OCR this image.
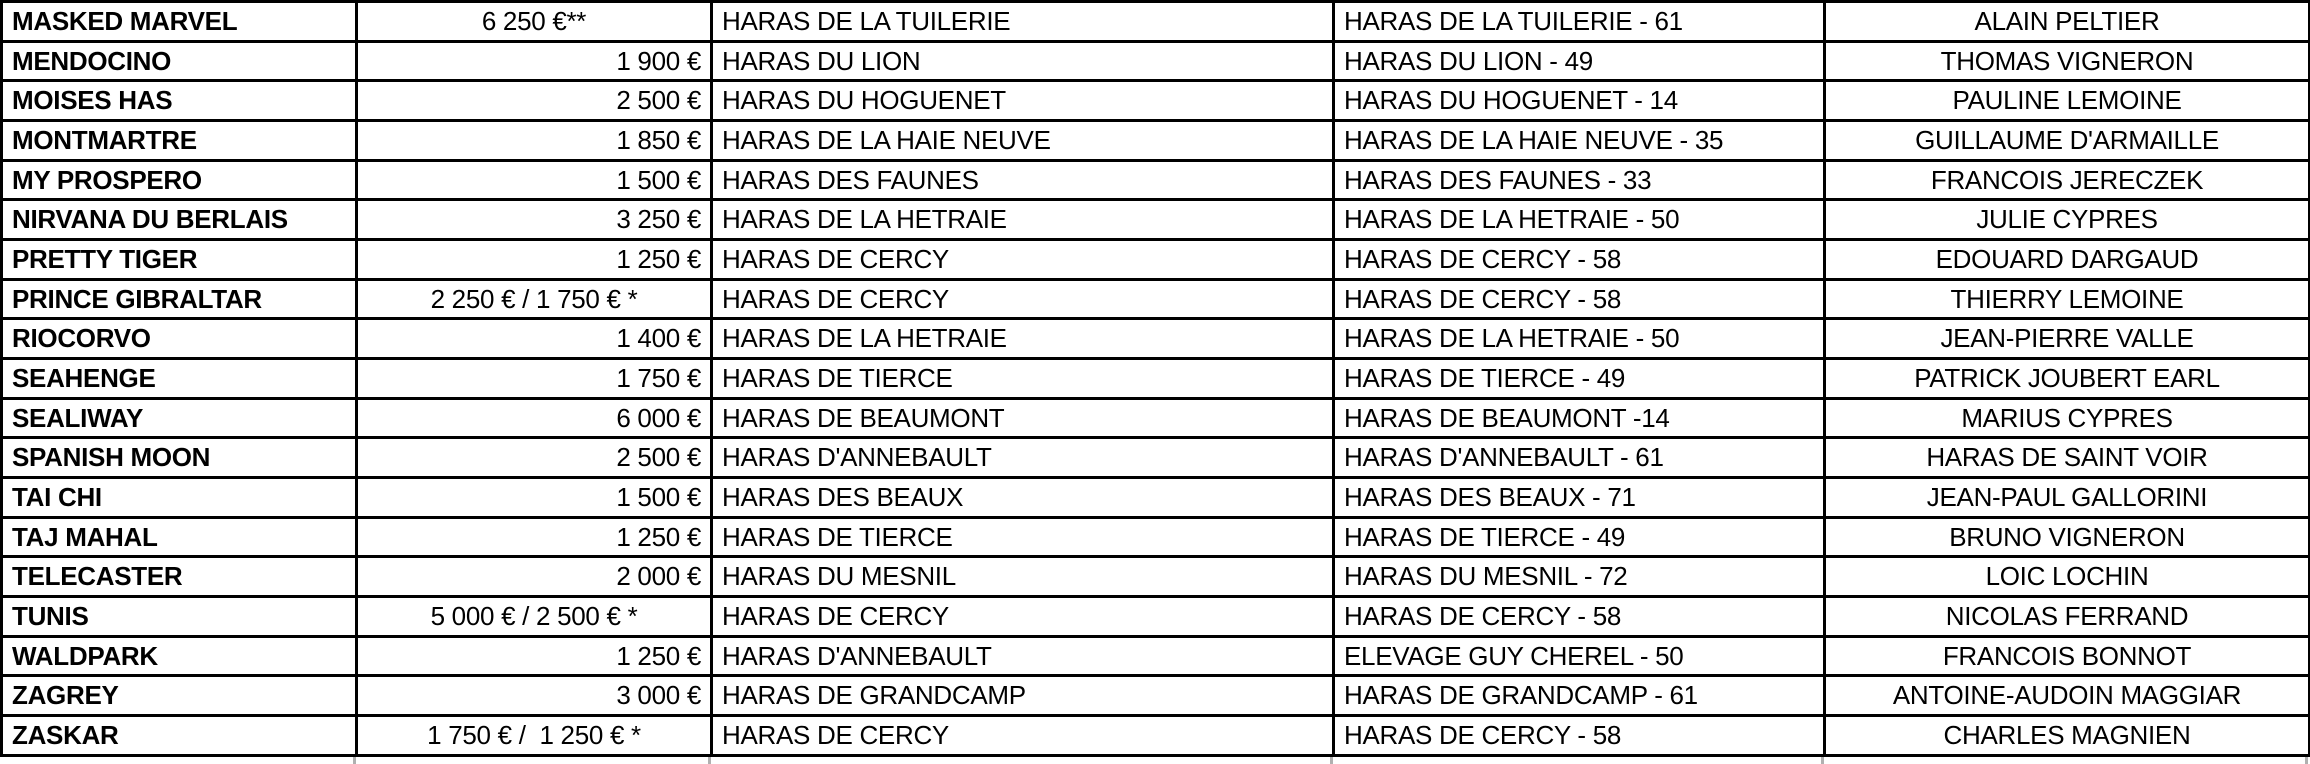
MASKED MARVEL	6 250 €**	HARAS DE LA TUILERIE	HARAS DE LA TUILERIE - 61	ALAIN PELTIER
MENDOCINO	1 900 €	HARAS DU LION	HARAS DU LION - 49	THOMAS VIGNERON
MOISES HAS	2 500 €	HARAS DU HOGUENET	HARAS DU HOGUENET - 14	PAULINE LEMOINE
MONTMARTRE	1 850 €	HARAS DE LA HAIE NEUVE	HARAS DE LA HAIE NEUVE - 35	GUILLAUME D'ARMAILLE
MY PROSPERO	1 500 €	HARAS DES FAUNES	HARAS DES FAUNES - 33	FRANCOIS JERECZEK
NIRVANA DU BERLAIS	3 250 €	HARAS DE LA HETRAIE	HARAS DE LA HETRAIE - 50	JULIE CYPRES
PRETTY TIGER	1 250 €	HARAS DE CERCY	HARAS DE CERCY - 58	EDOUARD DARGAUD
PRINCE GIBRALTAR	2 250 € / 1 750 € *	HARAS DE CERCY	HARAS DE CERCY - 58	THIERRY LEMOINE
RIOCORVO	1 400 €	HARAS DE LA HETRAIE	HARAS DE LA HETRAIE - 50	JEAN-PIERRE VALLE
SEAHENGE	1 750 €	HARAS DE TIERCE	HARAS DE TIERCE - 49	PATRICK JOUBERT EARL
SEALIWAY	6 000 €	HARAS DE BEAUMONT	HARAS DE BEAUMONT -14	MARIUS CYPRES
SPANISH MOON	2 500 €	HARAS D'ANNEBAULT	HARAS D'ANNEBAULT - 61	HARAS DE SAINT VOIR
TAI CHI	1 500 €	HARAS DES BEAUX	HARAS DES BEAUX - 71	JEAN-PAUL GALLORINI
TAJ MAHAL	1 250 €	HARAS DE TIERCE	HARAS DE TIERCE - 49	BRUNO VIGNERON
TELECASTER	2 000 €	HARAS DU MESNIL	HARAS DU MESNIL - 72	LOIC LOCHIN
TUNIS	5 000 € / 2 500 € *	HARAS DE CERCY	HARAS DE CERCY - 58	NICOLAS FERRAND
WALDPARK	1 250 €	HARAS D'ANNEBAULT	ELEVAGE GUY CHEREL - 50	FRANCOIS BONNOT
ZAGREY	3 000 €	HARAS DE GRANDCAMP	HARAS DE GRANDCAMP - 61	ANTOINE-AUDOIN MAGGIAR
ZASKAR	1 750 € /  1 250 € *	HARAS DE CERCY	HARAS DE CERCY - 58	CHARLES MAGNIEN
